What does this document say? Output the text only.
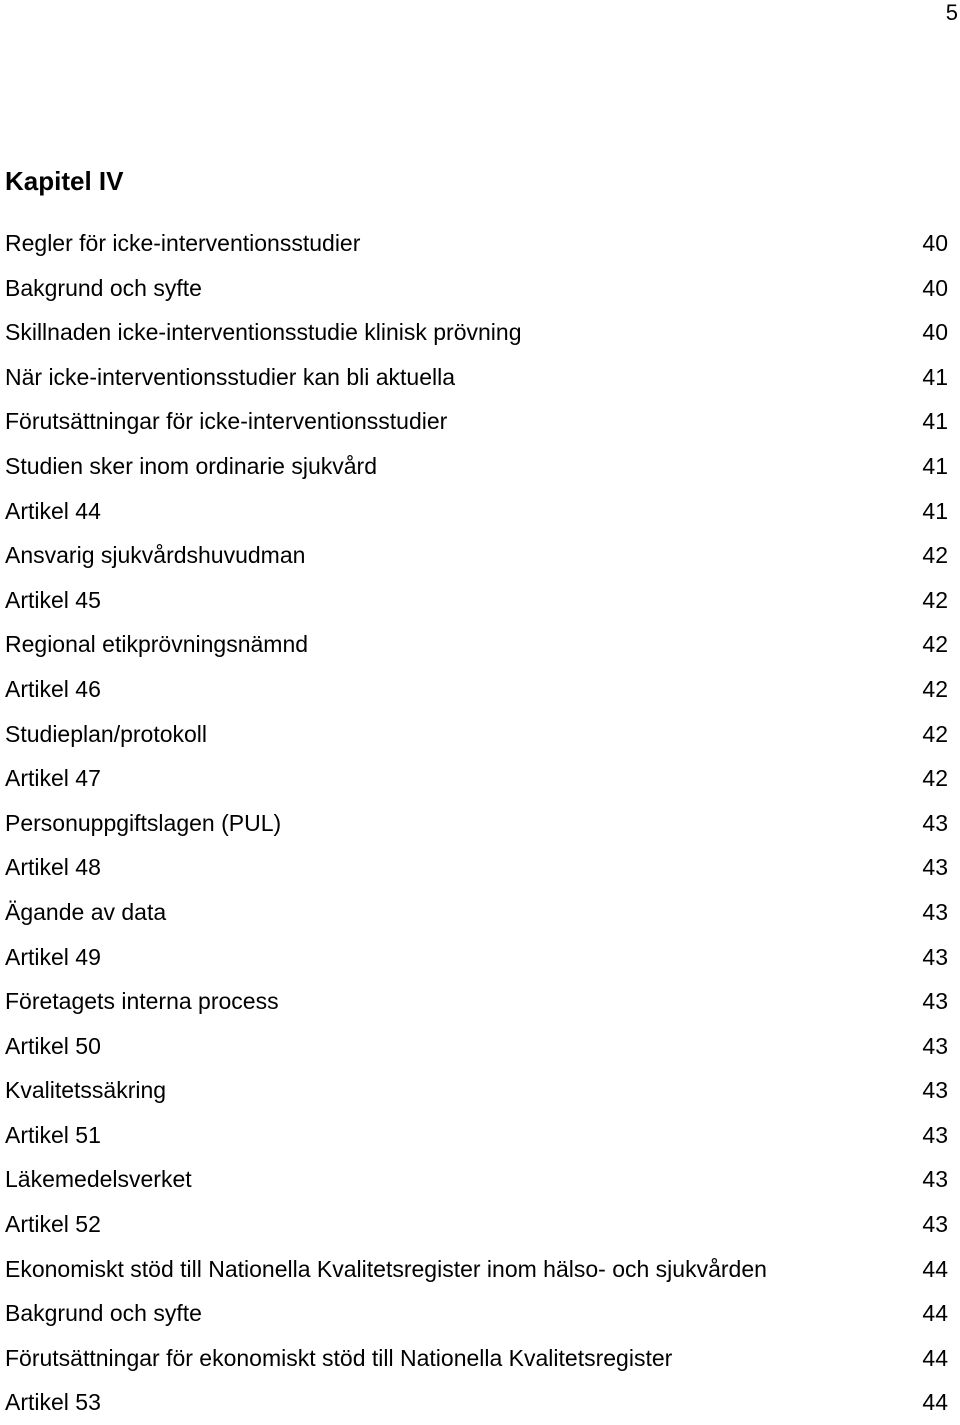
5
Kapitel IV
Regler för icke-interventionsstudier	40
Bakgrund och syfte	40
Skillnaden icke-interventionsstudie klinisk prövning	40
När icke-interventionsstudier kan bli aktuella	41
Förutsättningar för icke-interventionsstudier	41
Studien sker inom ordinarie sjukvård	41
Artikel 44	41
Ansvarig sjukvårdshuvudman	42
Artikel 45	42
Regional etikprövningsnämnd	42
Artikel 46	42
Studieplan/protokoll	42
Artikel 47	42
Personuppgiftslagen (PUL)	43
Artikel 48	43
Ägande av data	43
Artikel 49	43
Företagets interna process	43
Artikel 50	43
Kvalitetssäkring	43
Artikel 51	43
Läkemedelsverket	43
Artikel 52	43
Ekonomiskt stöd till Nationella Kvalitetsregister inom hälso- och sjukvården	44
Bakgrund och syfte	44
Förutsättningar för ekonomiskt stöd till Nationella Kvalitetsregister	44
Artikel 53	44
